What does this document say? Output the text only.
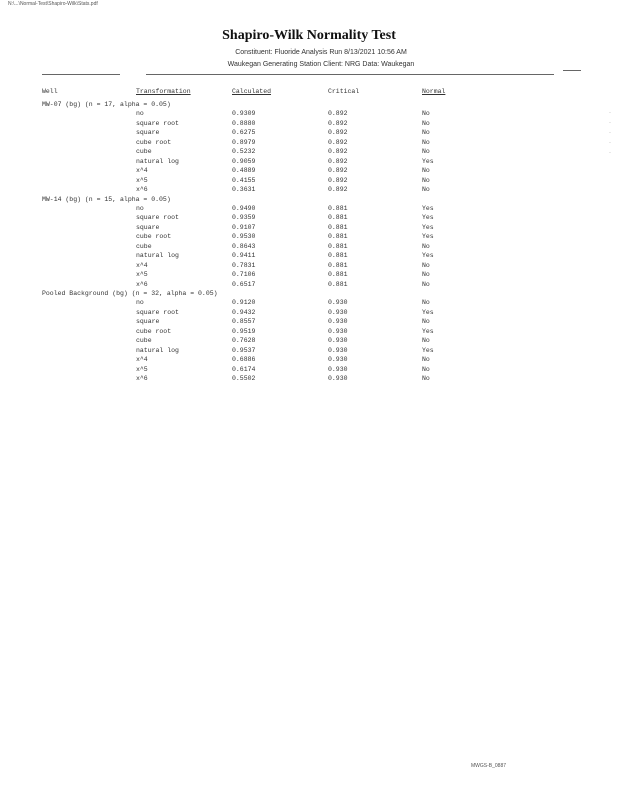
N:\...\Normal-Test\Shapiro-Wilk\Stats.pdf
Shapiro-Wilk Normality Test
Constituent: Fluoride Analysis Run 8/13/2021 10:56 AM
Waukegan Generating Station Client: NRG Data: Waukegan
Well	Transformation	Calculated	Critical	Normal
MW-07 (bg) (n = 17, alpha = 0.05)
no	0.9309	0.892	No
square root	0.8880	0.892	No
square	0.6275	0.892	No
cube root	0.8979	0.892	No
cube	0.5232	0.892	No
natural log	0.9059	0.892	Yes
x^4	0.4889	0.892	No
x^5	0.4155	0.892	No
x^6	0.3631	0.892	No
MW-14 (bg) (n = 15, alpha = 0.05)
no	0.9490	0.881	Yes
square root	0.9359	0.881	Yes
square	0.9107	0.881	Yes
cube root	0.9530	0.881	Yes
cube	0.8643	0.881	No
natural log	0.9411	0.881	Yes
x^4	0.7831	0.881	No
x^5	0.7106	0.881	No
x^6	0.6517	0.881	No
Pooled Background (bg) (n = 32, alpha = 0.05)
no	0.9120	0.930	No
square root	0.9432	0.930	Yes
square	0.8557	0.930	No
cube root	0.9519	0.930	Yes
cube	0.7628	0.930	No
natural log	0.9537	0.930	Yes
x^4	0.6886	0.930	No
x^5	0.6174	0.930	No
x^6	0.5502	0.930	No
·
·
·
·
·
MWGS-B_0887
